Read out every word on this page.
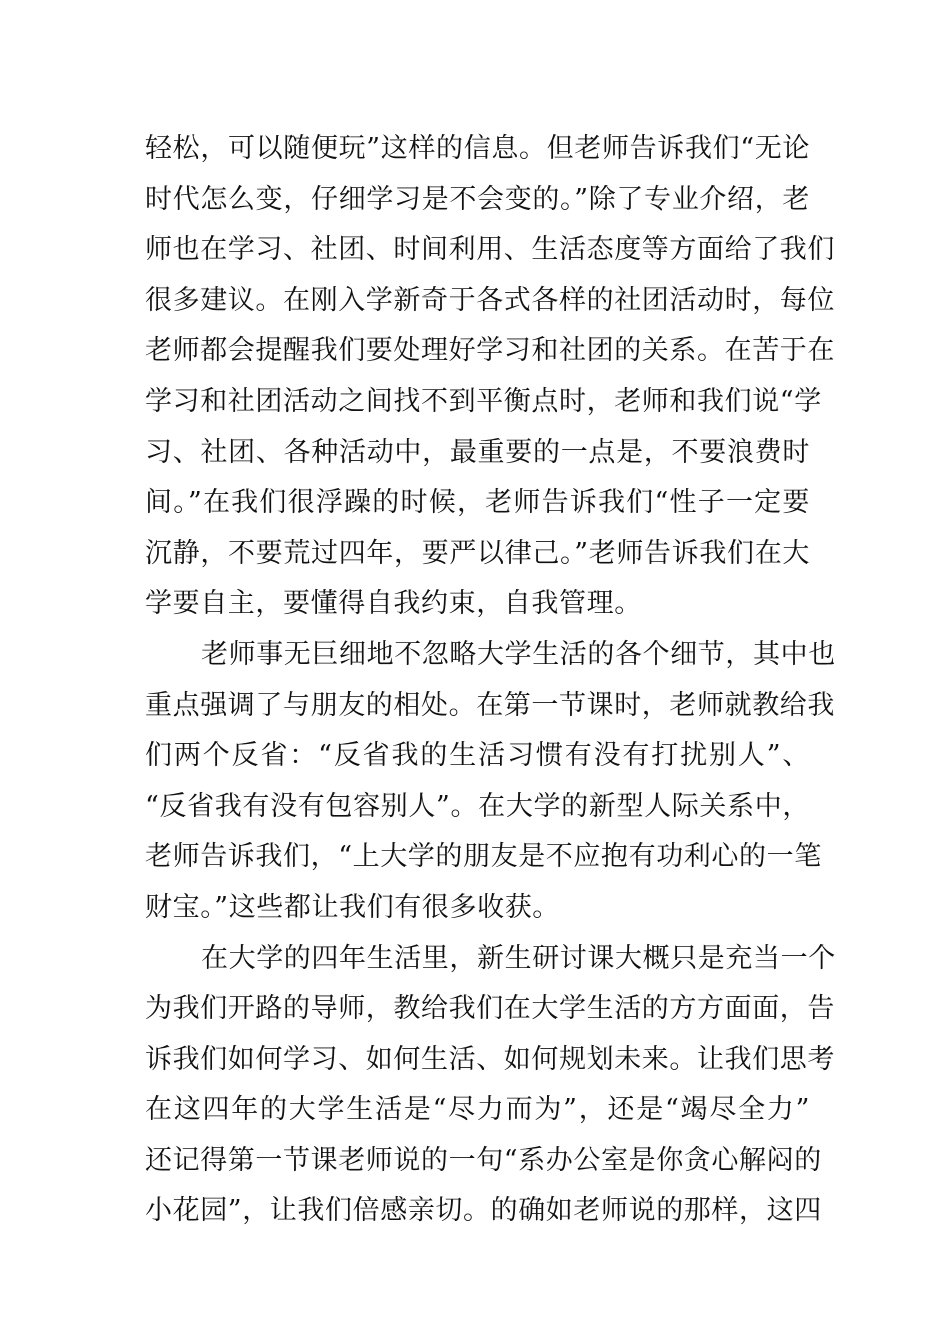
轻松，可以随便玩”这样的信息。但老师告诉我们“无论
时代怎么变，仔细学习是不会变的。”除了专业介绍，老
师也在学习、社团、时间利用、生活态度等方面给了我们
很多建议。在刚入学新奇于各式各样的社团活动时，每位
老师都会提醒我们要处理好学习和社团的关系。在苦于在
学习和社团活动之间找不到平衡点时，老师和我们说“学
习、社团、各种活动中，最重要的一点是，不要浪费时
间。”在我们很浮躁的时候，老师告诉我们“性子一定要
沉静，不要荒过四年，要严以律己。”老师告诉我们在大
学要自主，要懂得自我约束，自我管理。
老师事无巨细地不忽略大学生活的各个细节，其中也
重点强调了与朋友的相处。在第一节课时，老师就教给我
们两个反省：“反省我的生活习惯有没有打扰别人”、
“反省我有没有包容别人”。在大学的新型人际关系中，
老师告诉我们，“上大学的朋友是不应抱有功利心的一笔
财宝。”这些都让我们有很多收获。
在大学的四年生活里，新生研讨课大概只是充当一个
为我们开路的导师，教给我们在大学生活的方方面面，告
诉我们如何学习、如何生活、如何规划未来。让我们思考
在这四年的大学生活是“尽力而为”，还是“竭尽全力”
还记得第一节课老师说的一句“系办公室是你贪心解闷的
小花园”，让我们倍感亲切。的确如老师说的那样，这四
